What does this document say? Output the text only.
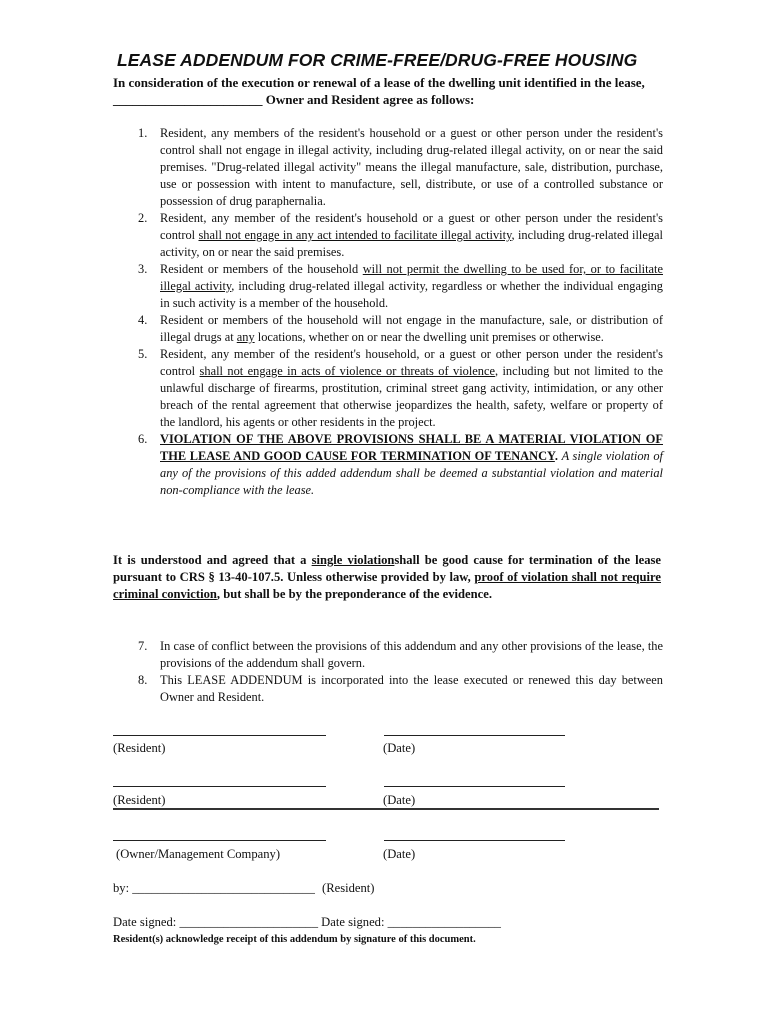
LEASE ADDENDUM FOR CRIME-FREE/DRUG-FREE HOUSING
In consideration of the execution or renewal of a lease of the dwelling unit identified in the lease, _______________________ Owner and Resident agree as follows:
1. Resident, any members of the resident's household or a guest or other person under the resident's control shall not engage in illegal activity, including drug-related illegal activity, on or near the said premises. "Drug-related illegal activity" means the illegal manufacture, sale, distribution, purchase, use or possession with intent to manufacture, sell, distribute, or use of a controlled substance or possession of drug paraphernalia.
2. Resident, any member of the resident's household or a guest or other person under the resident's control shall not engage in any act intended to facilitate illegal activity, including drug-related illegal activity, on or near the said premises.
3. Resident or members of the household will not permit the dwelling to be used for, or to facilitate illegal activity, including drug-related illegal activity, regardless or whether the individual engaging in such activity is a member of the household.
4. Resident or members of the household will not engage in the manufacture, sale, or distribution of illegal drugs at any locations, whether on or near the dwelling unit premises or otherwise.
5. Resident, any member of the resident's household, or a guest or other person under the resident's control shall not engage in acts of violence or threats of violence, including but not limited to the unlawful discharge of firearms, prostitution, criminal street gang activity, intimidation, or any other breach of the rental agreement that otherwise jeopardizes the health, safety, welfare or property of the landlord, his agents or other residents in the project.
6. VIOLATION OF THE ABOVE PROVISIONS SHALL BE A MATERIAL VIOLATION OF THE LEASE AND GOOD CAUSE FOR TERMINATION OF TENANCY. A single violation of any of the provisions of this added addendum shall be deemed a substantial violation and material non-compliance with the lease.
It is understood and agreed that a single violationshall be good cause for termination of the lease pursuant to CRS § 13-40-107.5. Unless otherwise provided by law, proof of violation shall not require criminal conviction, but shall be by the preponderance of the evidence.
7. In case of conflict between the provisions of this addendum and any other provisions of the lease, the provisions of the addendum shall govern.
8. This LEASE ADDENDUM is incorporated into the lease executed or renewed this day between Owner and Resident.
(Resident)	(Date)
(Resident)	(Date)
(Owner/Management Company)	(Date)
by: _____________________________ (Resident)
Date signed: ______________________ Date signed: __________________
Resident(s) acknowledge receipt of this addendum by signature of this document.
